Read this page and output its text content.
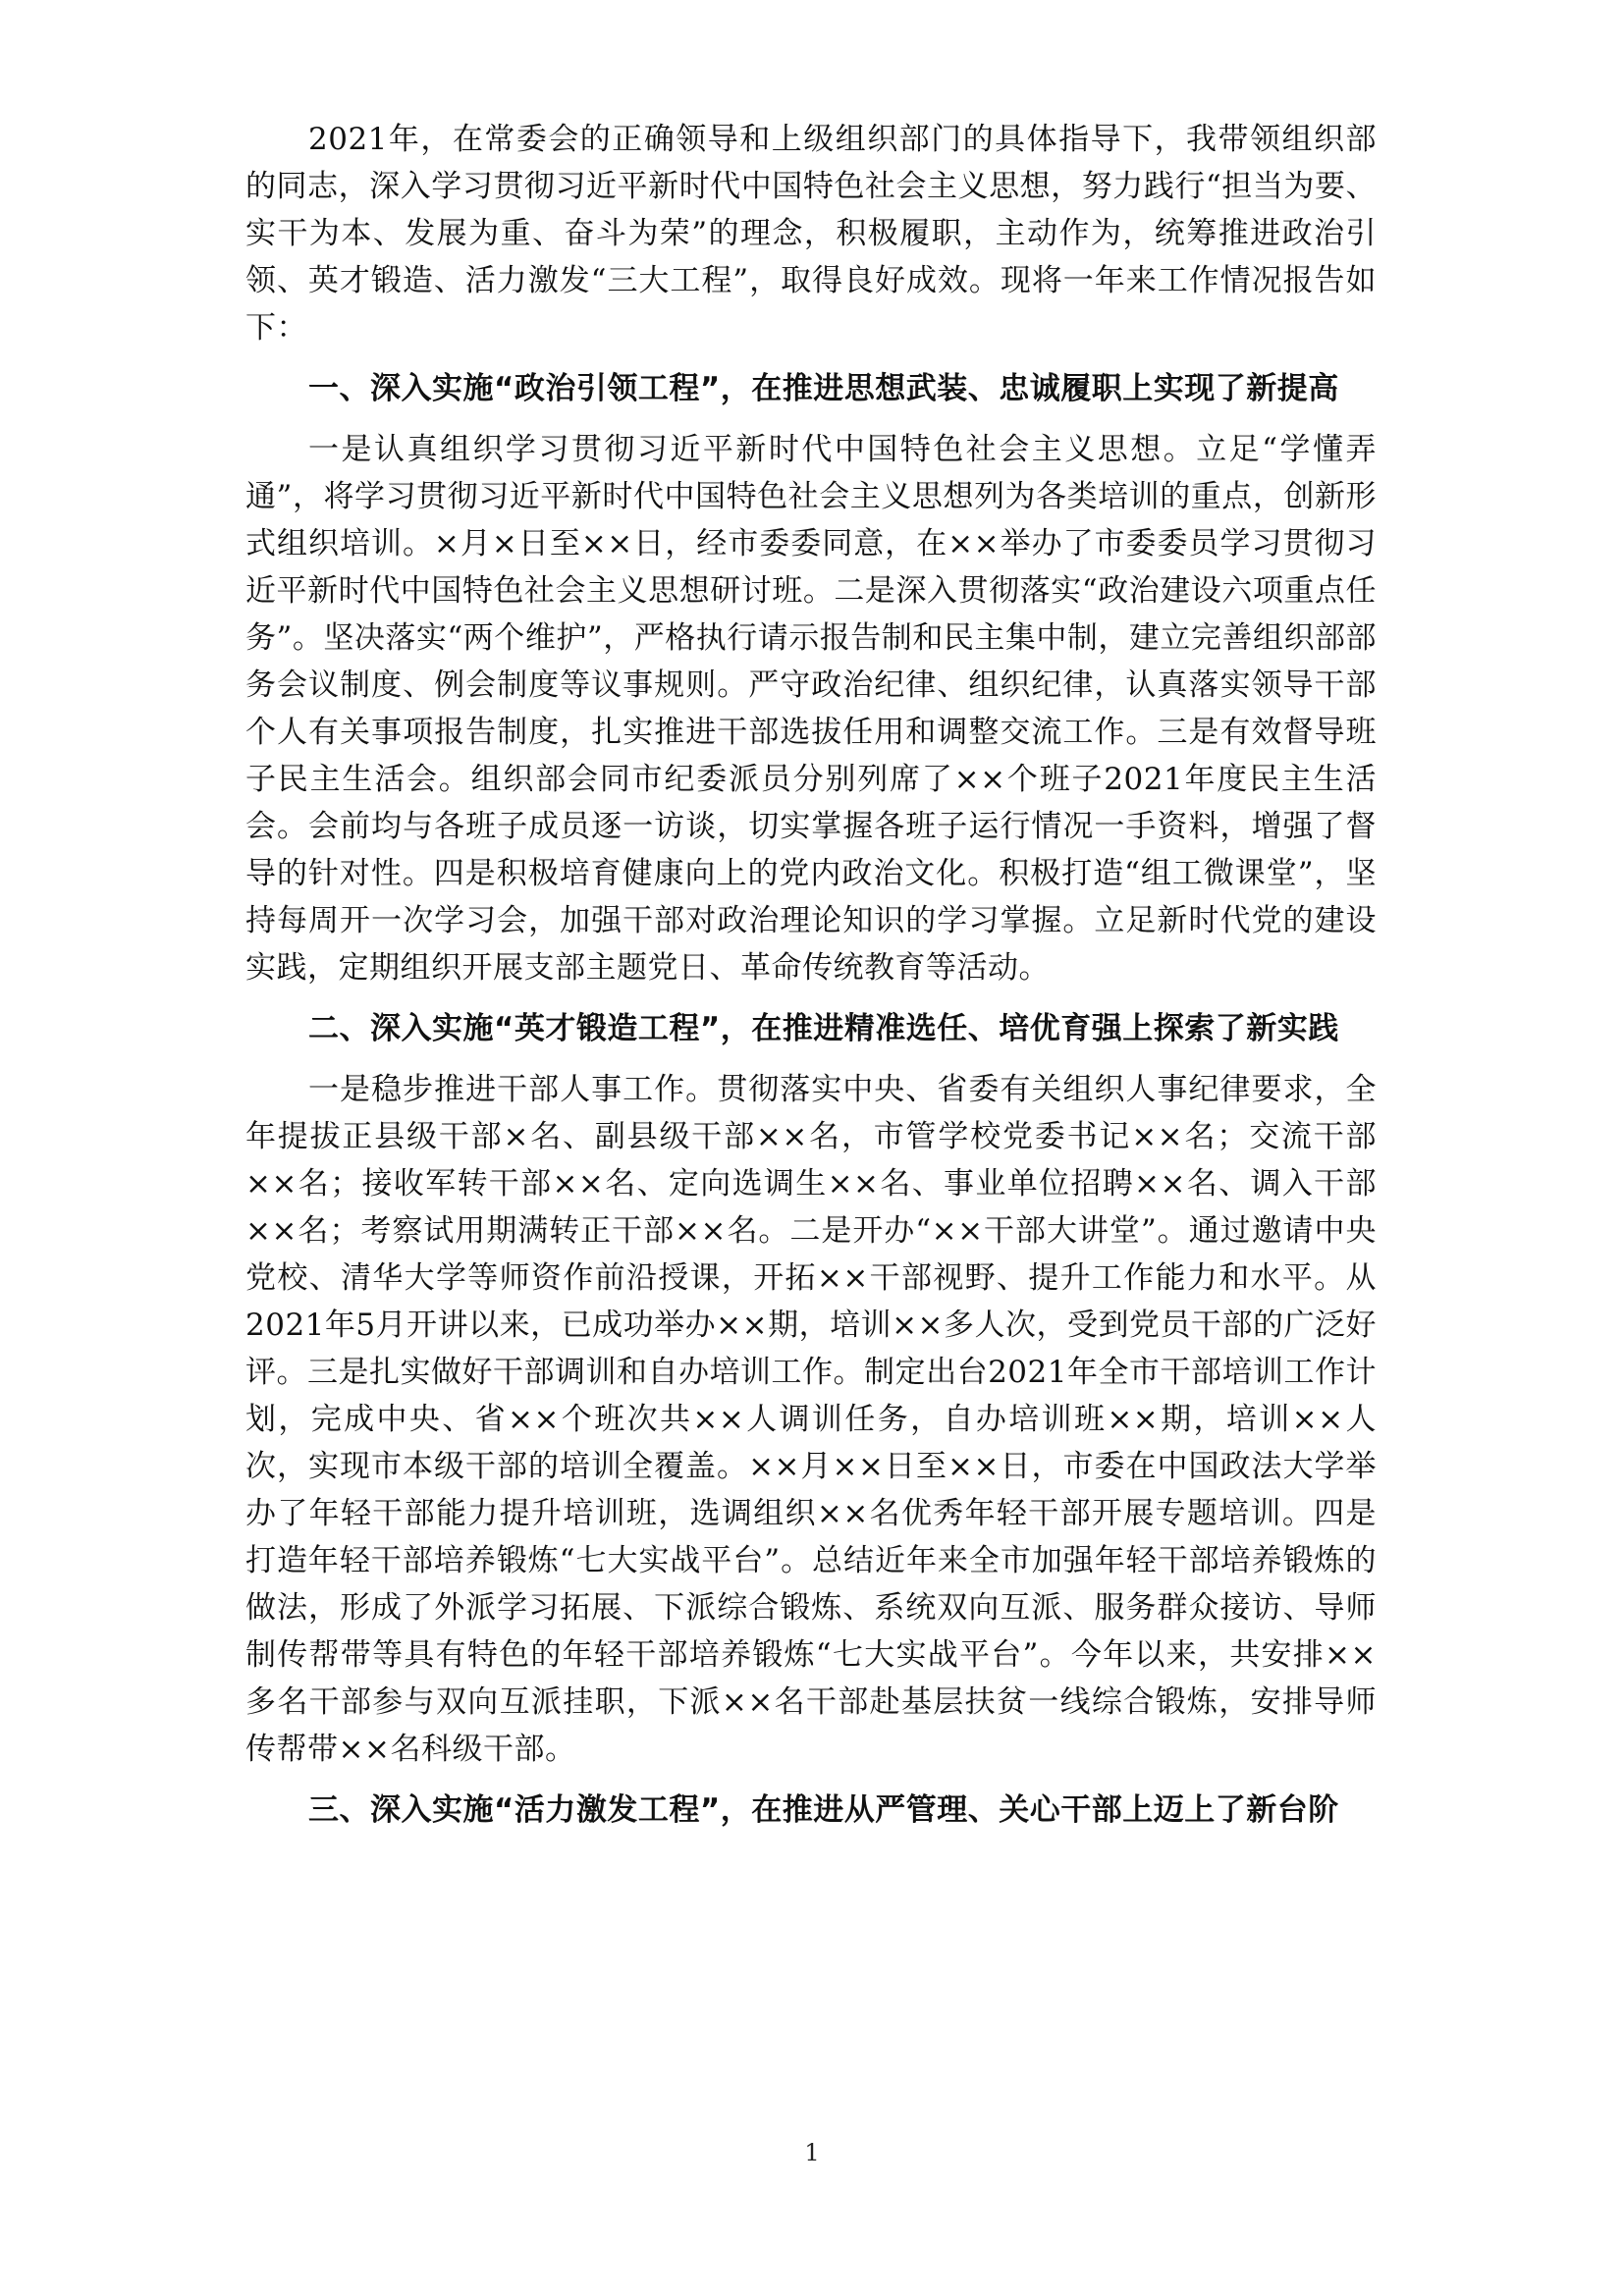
2021年，在常委会的正确领导和上级组织部门的具体指导下，我带领组织部的同志，深入学习贯彻习近平新时代中国特色社会主义思想，努力践行“担当为要、实干为本、发展为重、奋斗为荣”的理念，积极履职，主动作为，统筹推进政治引领、英才锻造、活力激发“三大工程”，取得良好成效。现将一年来工作情况报告如下：

一、深入实施“政治引领工程”，在推进思想武装、忠诚履职上实现了新提高

一是认真组织学习贯彻习近平新时代中国特色社会主义思想。立足“学懂弄通”，将学习贯彻习近平新时代中国特色社会主义思想列为各类培训的重点，创新形式组织培训。×月×日至××日，经市委委同意，在××举办了市委委员学习贯彻习近平新时代中国特色社会主义思想研讨班。二是深入贯彻落实“政治建设六项重点任务”。坚决落实“两个维护”，严格执行请示报告制和民主集中制，建立完善组织部部务会议制度、例会制度等议事规则。严守政治纪律、组织纪律，认真落实领导干部个人有关事项报告制度，扎实推进干部选拔任用和调整交流工作。三是有效督导班子民主生活会。组织部会同市纪委派员分别列席了××个班子2021年度民主生活会。会前均与各班子成员逐一访谈，切实掌握各班子运行情况一手资料，增强了督导的针对性。四是积极培育健康向上的党内政治文化。积极打造“组工微课堂”，坚持每周开一次学习会，加强干部对政治理论知识的学习掌握。立足新时代党的建设实践，定期组织开展支部主题党日、革命传统教育等活动。

二、深入实施“英才锻造工程”，在推进精准选任、培优育强上探索了新实践

一是稳步推进干部人事工作。贯彻落实中央、省委有关组织人事纪律要求，全年提拔正县级干部×名、副县级干部××名，市管学校党委书记××名；交流干部××名；接收军转干部××名、定向选调生××名、事业单位招聘××名、调入干部××名；考察试用期满转正干部××名。二是开办“××干部大讲堂”。通过邀请中央党校、清华大学等师资作前沿授课，开拓××干部视野、提升工作能力和水平。从2021年5月开讲以来，已成功举办××期，培训××多人次，受到党员干部的广泛好评。三是扎实做好干部调训和自办培训工作。制定出台2021年全市干部培训工作计划，完成中央、省××个班次共××人调训任务，自办培训班××期，培训××人次，实现市本级干部的培训全覆盖。××月××日至××日，市委在中国政法大学举办了年轻干部能力提升培训班，选调组织××名优秀年轻干部开展专题培训。四是打造年轻干部培养锻炼“七大实战平台”。总结近年来全市加强年轻干部培养锻炼的做法，形成了外派学习拓展、下派综合锻炼、系统双向互派、服务群众接访、导师制传帮带等具有特色的年轻干部培养锻炼“七大实战平台”。今年以来，共安排××多名干部参与双向互派挂职，下派××名干部赴基层扶贫一线综合锻炼，安排导师传帮带××名科级干部。

三、深入实施“活力激发工程”，在推进从严管理、关心干部上迈上了新台阶
1
